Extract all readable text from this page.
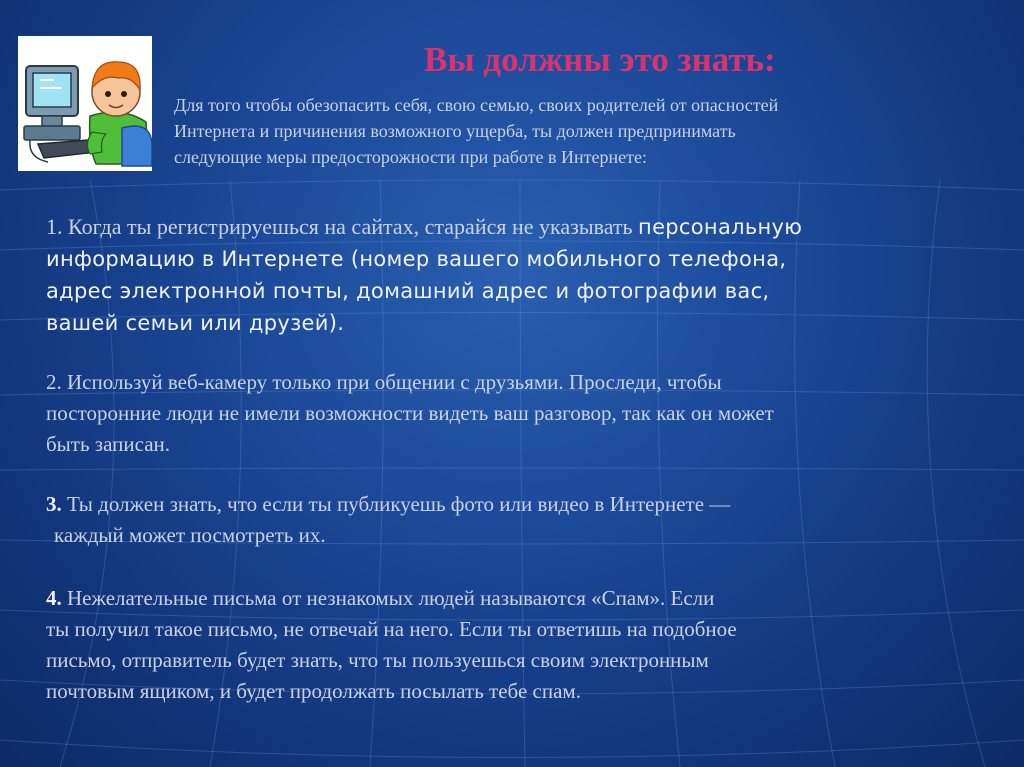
Вы должны это знать:

Для того чтобы обезопасить себя, свою семью, своих родителей от опасностей
Интернета и причинения возможного ущерба, ты должен предпринимать
следующие меры предосторожности при работе в Интернете:

1. Когда ты регистрируешься на сайтах, старайся не указывать персональную
информацию в Интернете (номер вашего мобильного телефона,
адрес электронной почты, домашний адрес и фотографии вас,
вашей семьи или друзей).

2. Используй веб-камеру только при общении с друзьями. Проследи, чтобы
посторонние люди не имели возможности видеть ваш разговор, так как он может
быть записан.

3. Ты должен знать, что если ты публикуешь фото или видео в Интернете —
каждый может посмотреть их.

4. Нежелательные письма от незнакомых людей называются «Спам». Если
ты получил такое письмо, не отвечай на него. Если ты ответишь на подобное
письмо, отправитель будет знать, что ты пользуешься своим электронным
почтовым ящиком, и будет продолжать посылать тебе спам.
